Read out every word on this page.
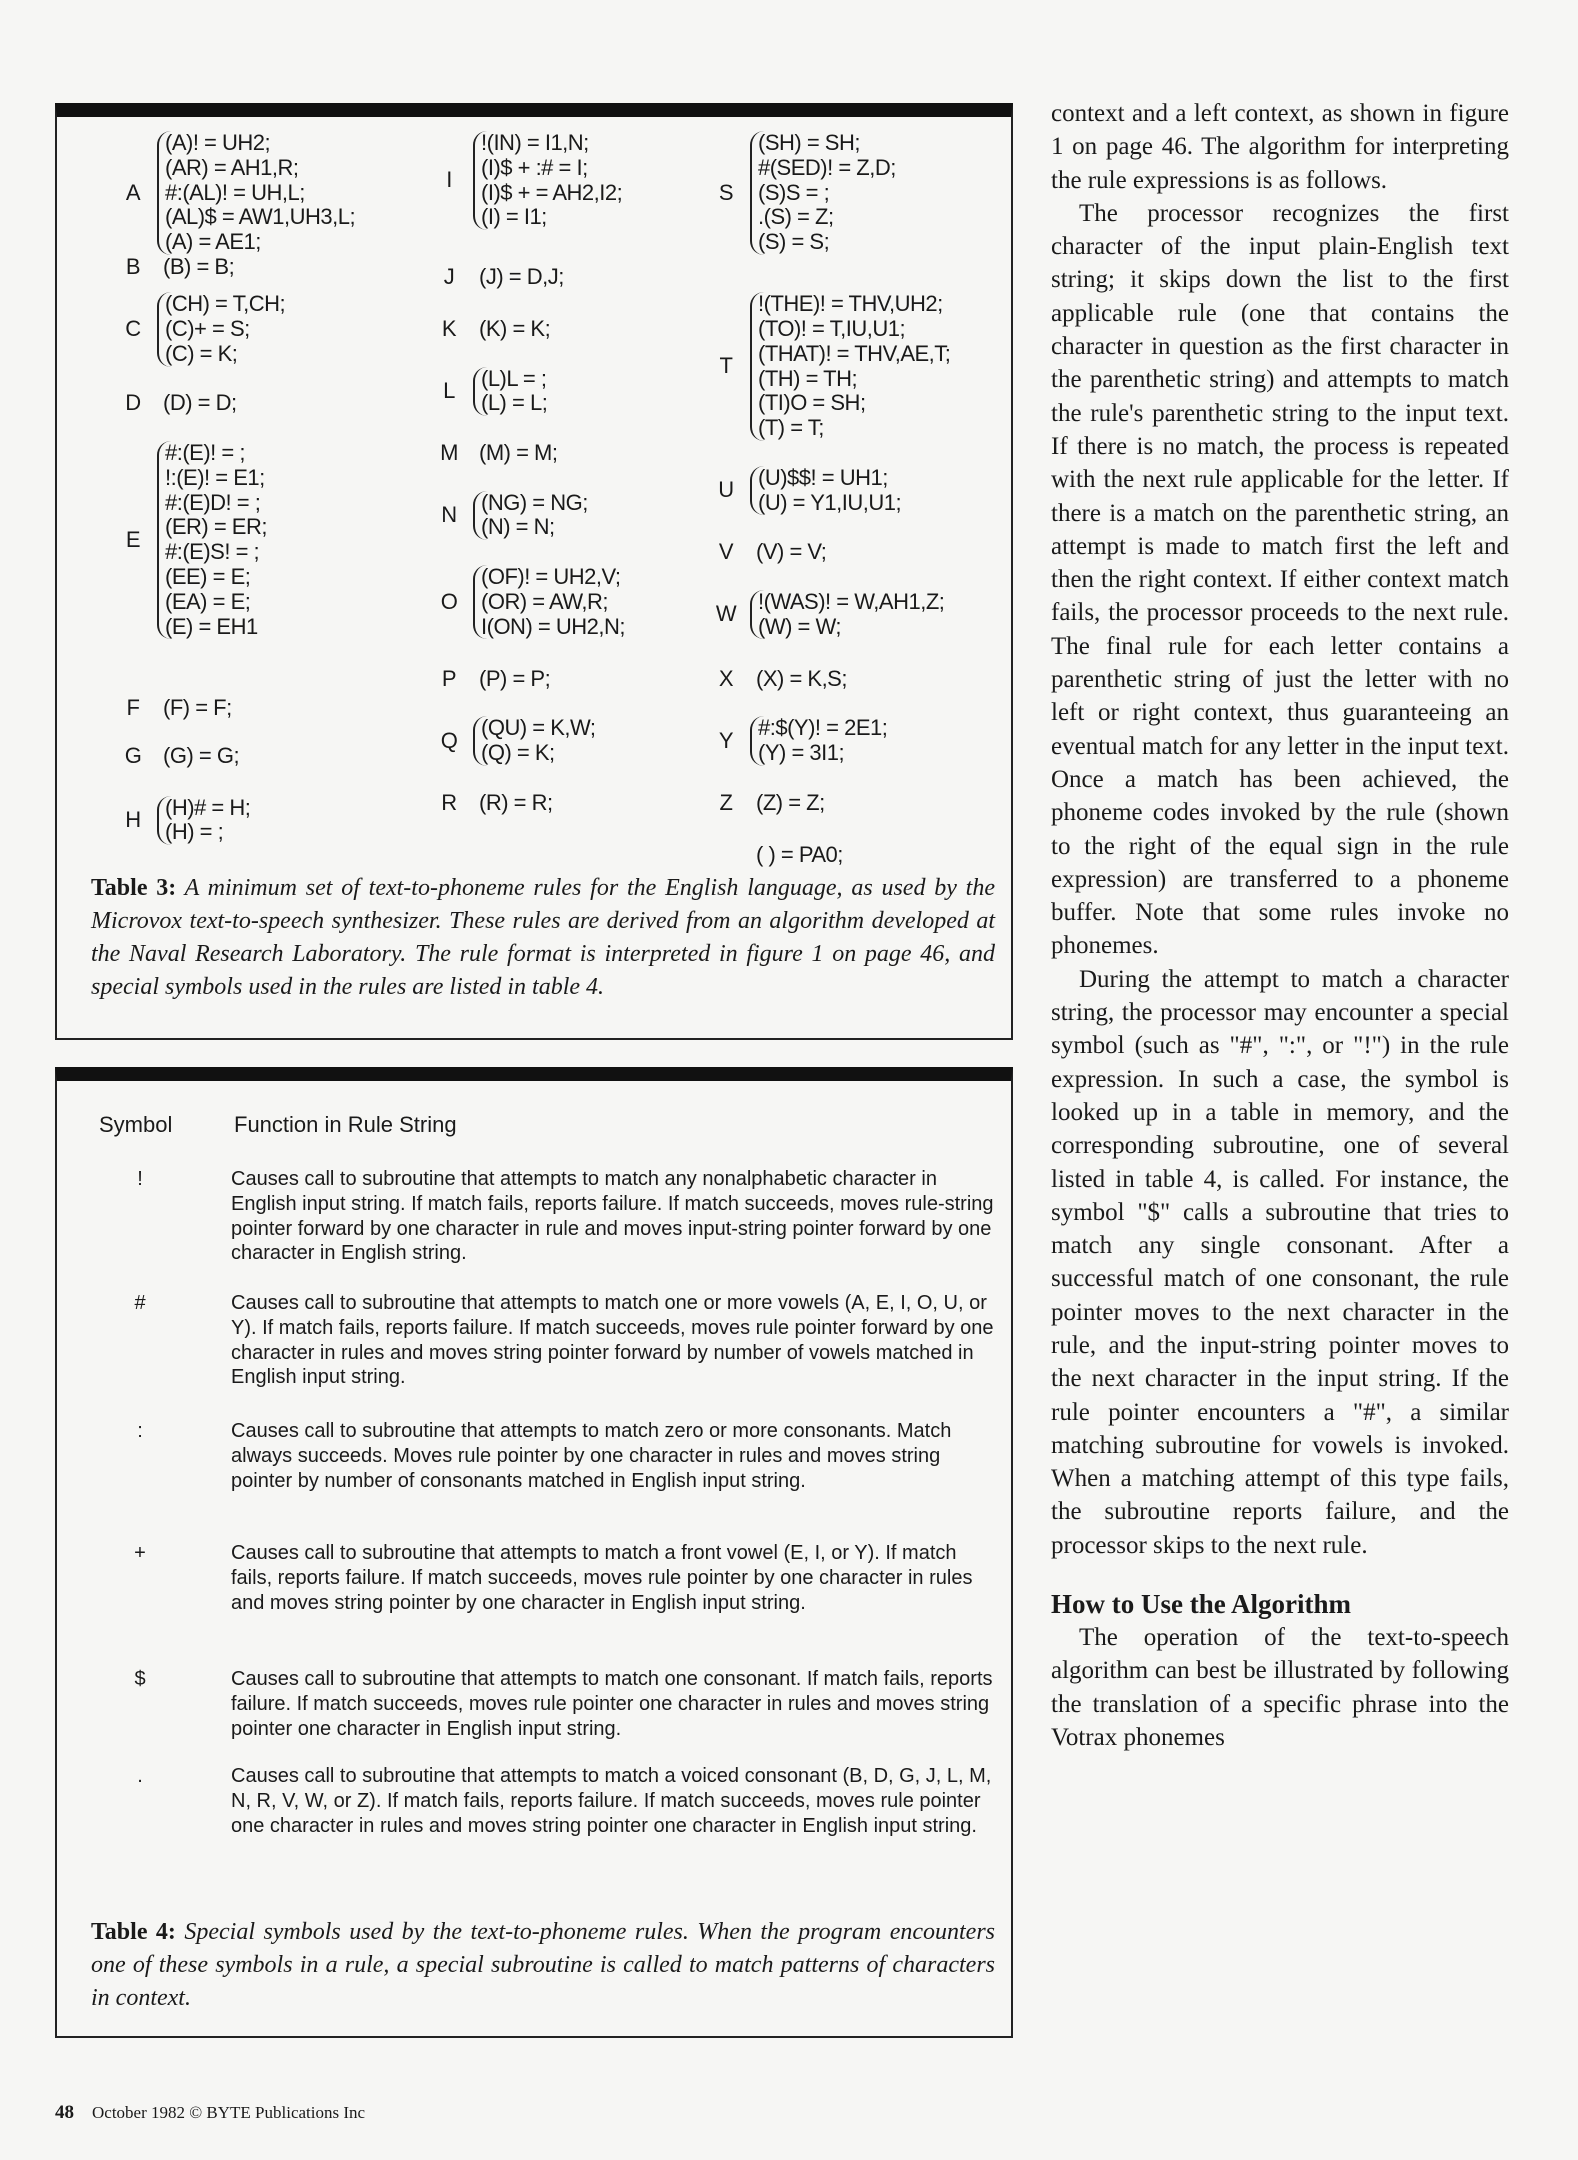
A
(A)! = UH2;
(AR) = AH1,R;
#:(AL)! = UH,L;
(AL)$ = AW1,UH3,L;
(A) = AE1;
B	(B) = B;
C
(CH) = T,CH;
(C)+ = S;
(C) = K;
D	(D) = D;
E
#:(E)! = ;
!:(E)! = E1;
#:(E)D! = ;
(ER) = ER;
#:(E)S! = ;
(EE) = E;
(EA) = E;
(E) = EH1
F	(F) = F;
G (G) = G;
H	(H)# = H;
(H) = ;
I
!(IN) = I1,N;
(I)$ + :# = I;
(I)$ + = AH2,I2;
(I) = I1;
J	(J) = D,J;
K	(K) = K;
L	(L)L = ;
(L) = L;
M (M) = M;
N	(NG) = NG;
(N) = N;
O
(OF)! = UH2,V;
(OR) = AW,R;
I(ON) = UH2,N;
P	(P) = P;
Q	(QU) = K,W;
(Q) = K;
R	(R) = R;
S
(SH) = SH;
#(SED)! = Z,D;
(S)S = ;
.(S) = Z;
(S) = S;
T
!(THE)! = THV,UH2;
(TO)! = T,IU,U1;
(THAT)! = THV,AE,T;
(TH) = TH;
(TI)O = SH;
(T) = T;
U	(U)$$! = UH1;
(U) = Y1,IU,U1;
V	(V) = V;
W !(WAS)! = W,AH1,Z;
(W) = W;
X	(X) = K,S;
Y	#:$(Y)! = 2E1;
(Y) = 3I1;
Z	(Z) = Z;
( ) = PA0;
Table 3: A minimum set of text-to-phoneme rules for the English language, as used by the Microvox text-to-speech synthesizer. These rules are derived from an algorithm developed at the Naval Research Laboratory. The rule format is interpreted in figure 1 on page 46, and special symbols used in the rules are listed in table 4.
Symbol	Function in Rule String
!	Causes call to subroutine that attempts to match any nonalphabetic character in English input string. If match fails, reports failure. If match succeeds, moves rule-string pointer forward by one character in rule and moves input-string pointer forward by one character in English string.
#	Causes call to subroutine that attempts to match one or more vowels (A, E, I, O, U, or Y). If match fails, reports failure. If match succeeds, moves rule pointer forward by one character in rules and moves string pointer forward by number of vowels matched in English input string.
:	Causes call to subroutine that attempts to match zero or more consonants. Match always succeeds. Moves rule pointer by one character in rules and moves string pointer by number of consonants matched in English input string.
+	Causes call to subroutine that attempts to match a front vowel (E, I, or Y). If match fails, reports failure. If match succeeds, moves rule pointer by one character in rules and moves string pointer by one character in English input string.
$	Causes call to subroutine that attempts to match one consonant. If match fails, reports failure. If match succeeds, moves rule pointer one character in rules and moves string pointer one character in English input string.
.	Causes call to subroutine that attempts to match a voiced consonant (B, D, G, J, L, M, N, R, V, W, or Z). If match fails, reports failure. If match succeeds, moves rule pointer one character in rules and moves string pointer one character in English input string.
Table 4: Special symbols used by the text-to-phoneme rules. When the program encounters one of these symbols in a rule, a special subroutine is called to match patterns of characters in context.

context and a left context, as shown in figure 1 on page 46. The algorithm for interpreting the rule expressions is as follows.

The processor recognizes the first character of the input plain-English text string; it skips down the list to the first applicable rule (one that contains the character in question as the first character in the parenthetic string) and attempts to match the rule's parenthetic string to the input text. If there is no match, the process is repeated with the next rule applicable for the letter. If there is a match on the parenthetic string, an attempt is made to match first the left and then the right context. If either context match fails, the processor proceeds to the next rule. The final rule for each letter contains a parenthetic string of just the letter with no left or right context, thus guaranteeing an eventual match for any letter in the input text. Once a match has been achieved, the phoneme codes invoked by the rule (shown to the right of the equal sign in the rule expression) are transferred to a phoneme buffer. Note that some rules invoke no phonemes.

During the attempt to match a character string, the processor may encounter a special symbol (such as "#", ":", or "!") in the rule expression. In such a case, the symbol is looked up in a table in memory, and the corresponding subroutine, one of several listed in table 4, is called. For instance, the symbol "$" calls a subroutine that tries to match any single consonant. After a successful match of one consonant, the rule pointer moves to the next character in the rule, and the input-string pointer moves to the next character in the input string. If the rule pointer encounters a "#", a similar matching subroutine for vowels is invoked. When a matching attempt of this type fails, the subroutine reports failure, and the processor skips to the next rule.

How to Use the Algorithm

The operation of the text-to-speech algorithm can best be illustrated by following the translation of a specific phrase into the Votrax phonemes

48 October 1982 © BYTE Publications Inc
